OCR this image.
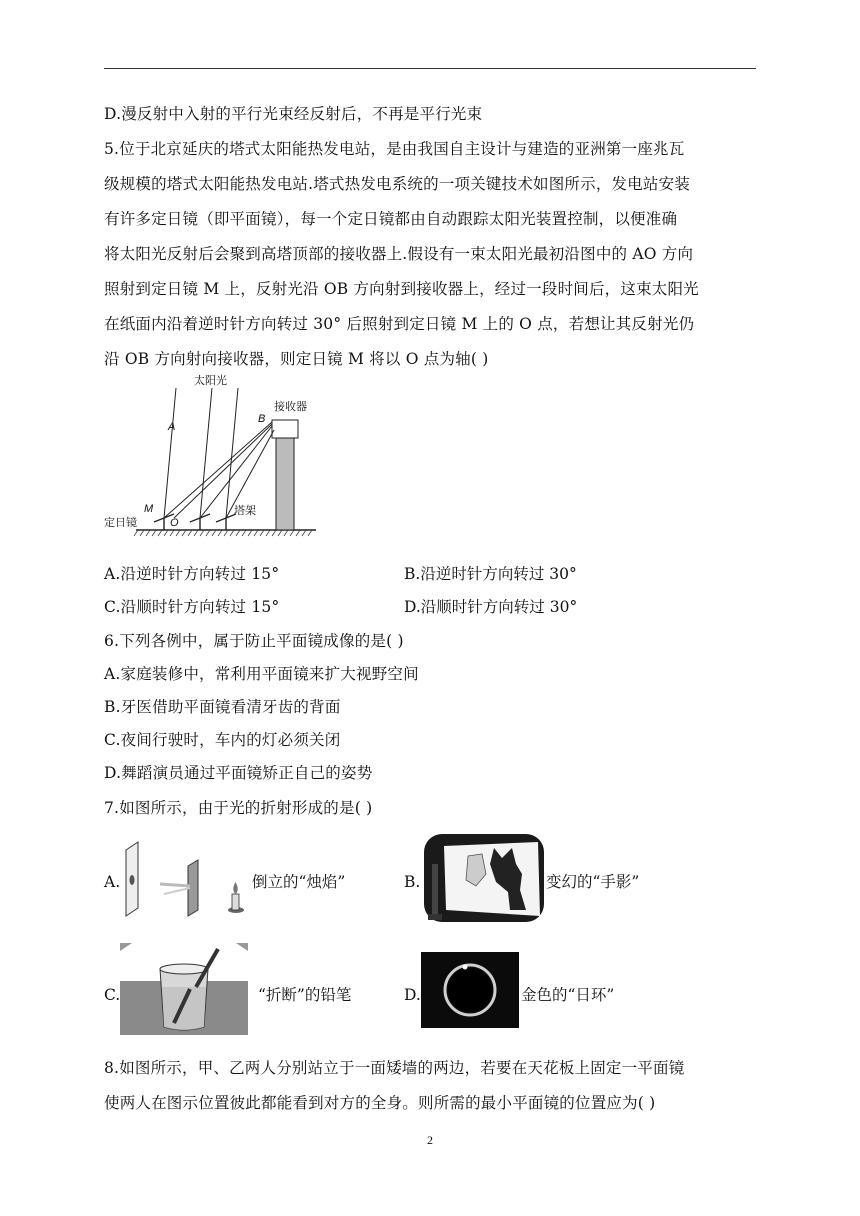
D.漫反射中入射的平行光束经反射后，不再是平行光束
5.位于北京延庆的塔式太阳能热发电站，是由我国自主设计与建造的亚洲第一座兆瓦
级规模的塔式太阳能热发电站.塔式热发电系统的一项关键技术如图所示，发电站安装
有许多定日镜（即平面镜），每一个定日镜都由自动跟踪太阳光装置控制，以便准确
将太阳光反射后会聚到高塔顶部的接收器上.假设有一束太阳光最初沿图中的 AO 方向
照射到定日镜 M 上，反射光沿 OB 方向射到接收器上，经过一段时间后，这束太阳光
在纸面内沿着逆时针方向转过 30° 后照射到定日镜 M 上的 O 点，若想让其反射光仍
沿 OB 方向射向接收器，则定日镜 M 将以 O 点为轴( )
A
B
M
O
太阳光
接收器
塔架
定日镜
A.沿逆时针方向转过 15°	B.沿逆时针方向转过 30°
C.沿顺时针方向转过 15°	D.沿顺时针方向转过 30°
6.下列各例中，属于防止平面镜成像的是( )
A.家庭装修中，常利用平面镜来扩大视野空间
B.牙医借助平面镜看清牙齿的背面
C.夜间行驶时，车内的灯必须关闭
D.舞蹈演员通过平面镜矫正自己的姿势
7.如图所示，由于光的折射形成的是( )
A.	倒立的“烛焰”	B.	变幻的“手影”
C.	“折断”的铅笔	D.	金色的“日环”
8.如图所示，甲、乙两人分别站立于一面矮墙的两边，若要在天花板上固定一平面镜
使两人在图示位置彼此都能看到对方的全身。则所需的最小平面镜的位置应为( )
2
